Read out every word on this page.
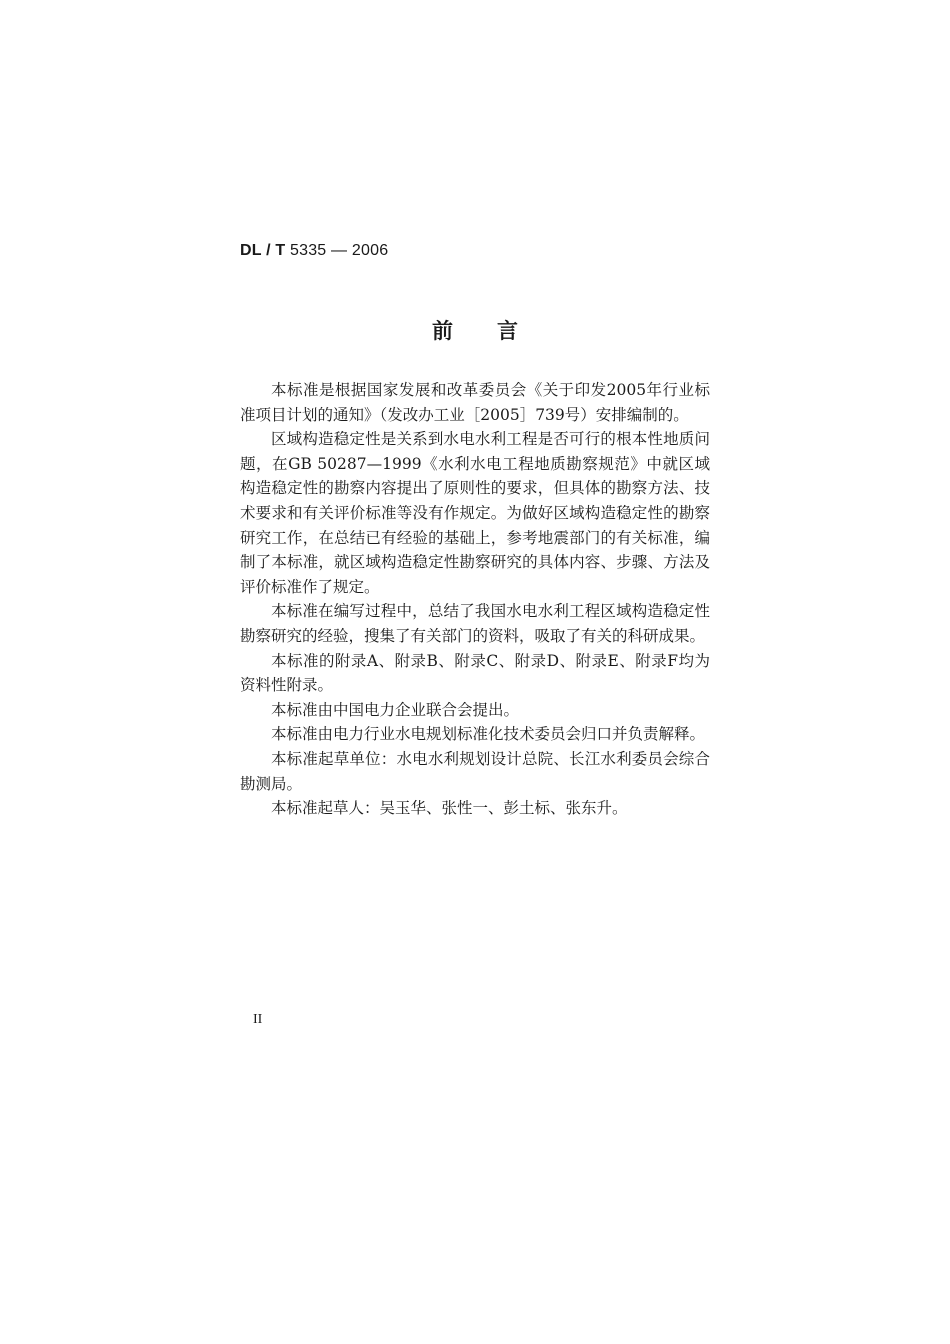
DL / T 5335 — 2006
前言

本标准是根据国家发展和改革委员会《关于印发2005年行业标准项目计划的通知》（发改办工业［2005］739号）安排编制的。

区域构造稳定性是关系到水电水利工程是否可行的根本性地质问题，在GB 50287—1999《水利水电工程地质勘察规范》中就区域构造稳定性的勘察内容提出了原则性的要求，但具体的勘察方法、技术要求和有关评价标准等没有作规定。为做好区域构造稳定性的勘察研究工作，在总结已有经验的基础上，参考地震部门的有关标准，编制了本标准，就区域构造稳定性勘察研究的具体内容、步骤、方法及评价标准作了规定。

本标准在编写过程中，总结了我国水电水利工程区域构造稳定性勘察研究的经验，搜集了有关部门的资料，吸取了有关的科研成果。

本标准的附录A、附录B、附录C、附录D、附录E、附录F均为资料性附录。

本标准由中国电力企业联合会提出。

本标准由电力行业水电规划标准化技术委员会归口并负责解释。

本标准起草单位：水电水利规划设计总院、长江水利委员会综合勘测局。

本标准起草人：吴玉华、张性一、彭土标、张东升。

II
